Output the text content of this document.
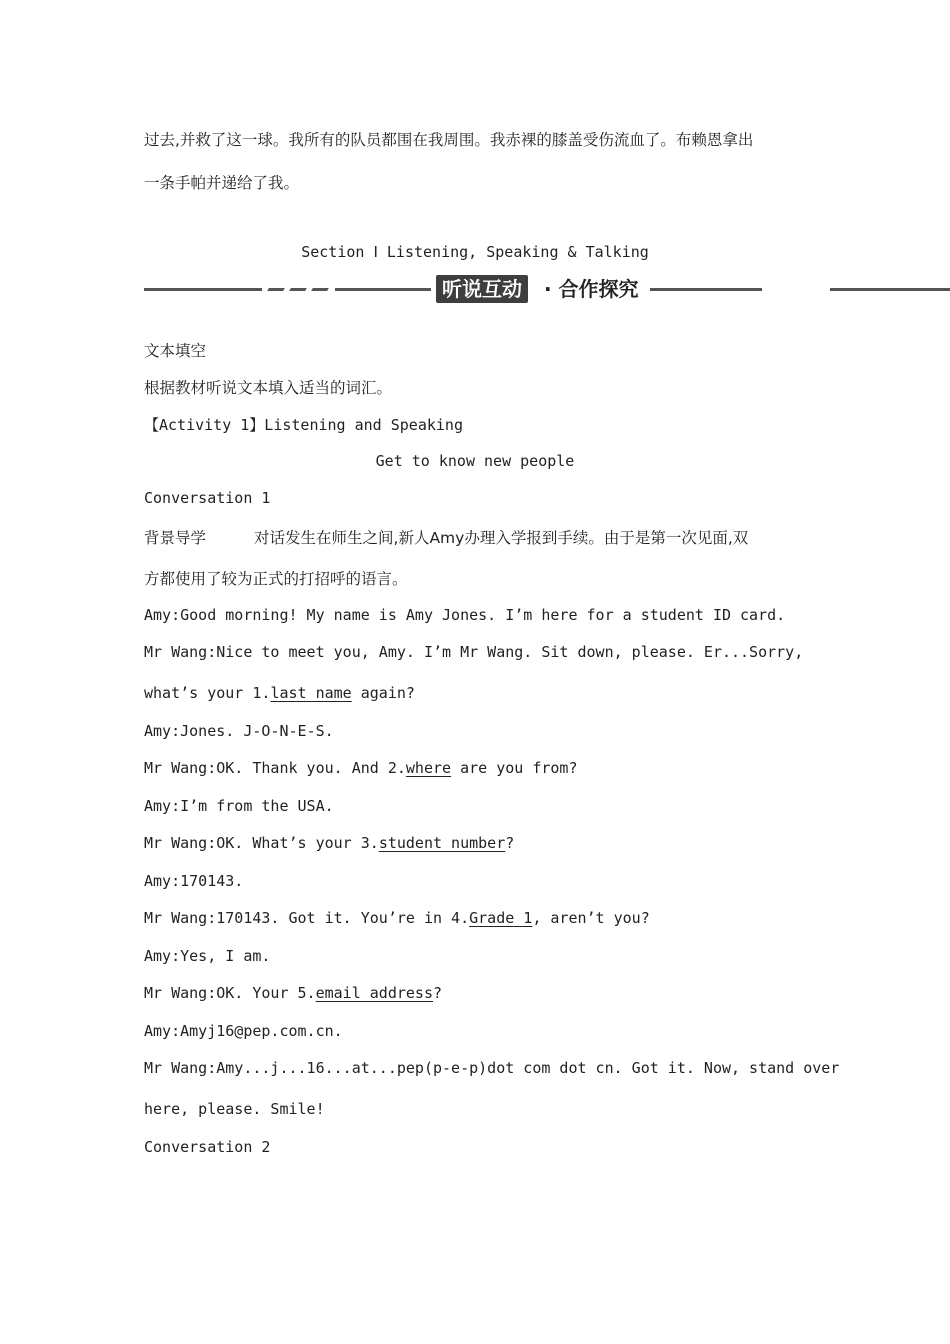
过去,并救了这一球。我所有的队员都围在我周围。我赤裸的膝盖受伤流血了。布赖恩拿出
一条手帕并递给了我。
Section Ⅰ Listening, Speaking & Talking
听说互动	· 合作探究
文本填空
根据教材听说文本填入适当的词汇。
【Activity 1】Listening and Speaking
Get to know new people
Conversation 1
背景导学	对话发生在师生之间,新人Amy办理入学报到手续。由于是第一次见面,双
方都使用了较为正式的打招呼的语言。
Amy:Good morning! My name is Amy Jones. I’m here for a student ID card.
Mr Wang:Nice to meet you, Amy. I’m Mr Wang. Sit down, please. Er...Sorry,
what’s your 1.last name again?
Amy:Jones. J-O-N-E-S.
Mr Wang:OK. Thank you. And 2.where are you from?
Amy:I’m from the USA.
Mr Wang:OK. What’s your 3.student number?
Amy:170143.
Mr Wang:170143. Got it. You’re in 4.Grade 1, aren’t you?
Amy:Yes, I am.
Mr Wang:OK. Your 5.email address?
Amy:Amyj16@pep.com.cn.
Mr Wang:Amy...j...16...at...pep(p-e-p)dot com dot cn. Got it. Now, stand over
here, please. Smile!
Conversation 2
